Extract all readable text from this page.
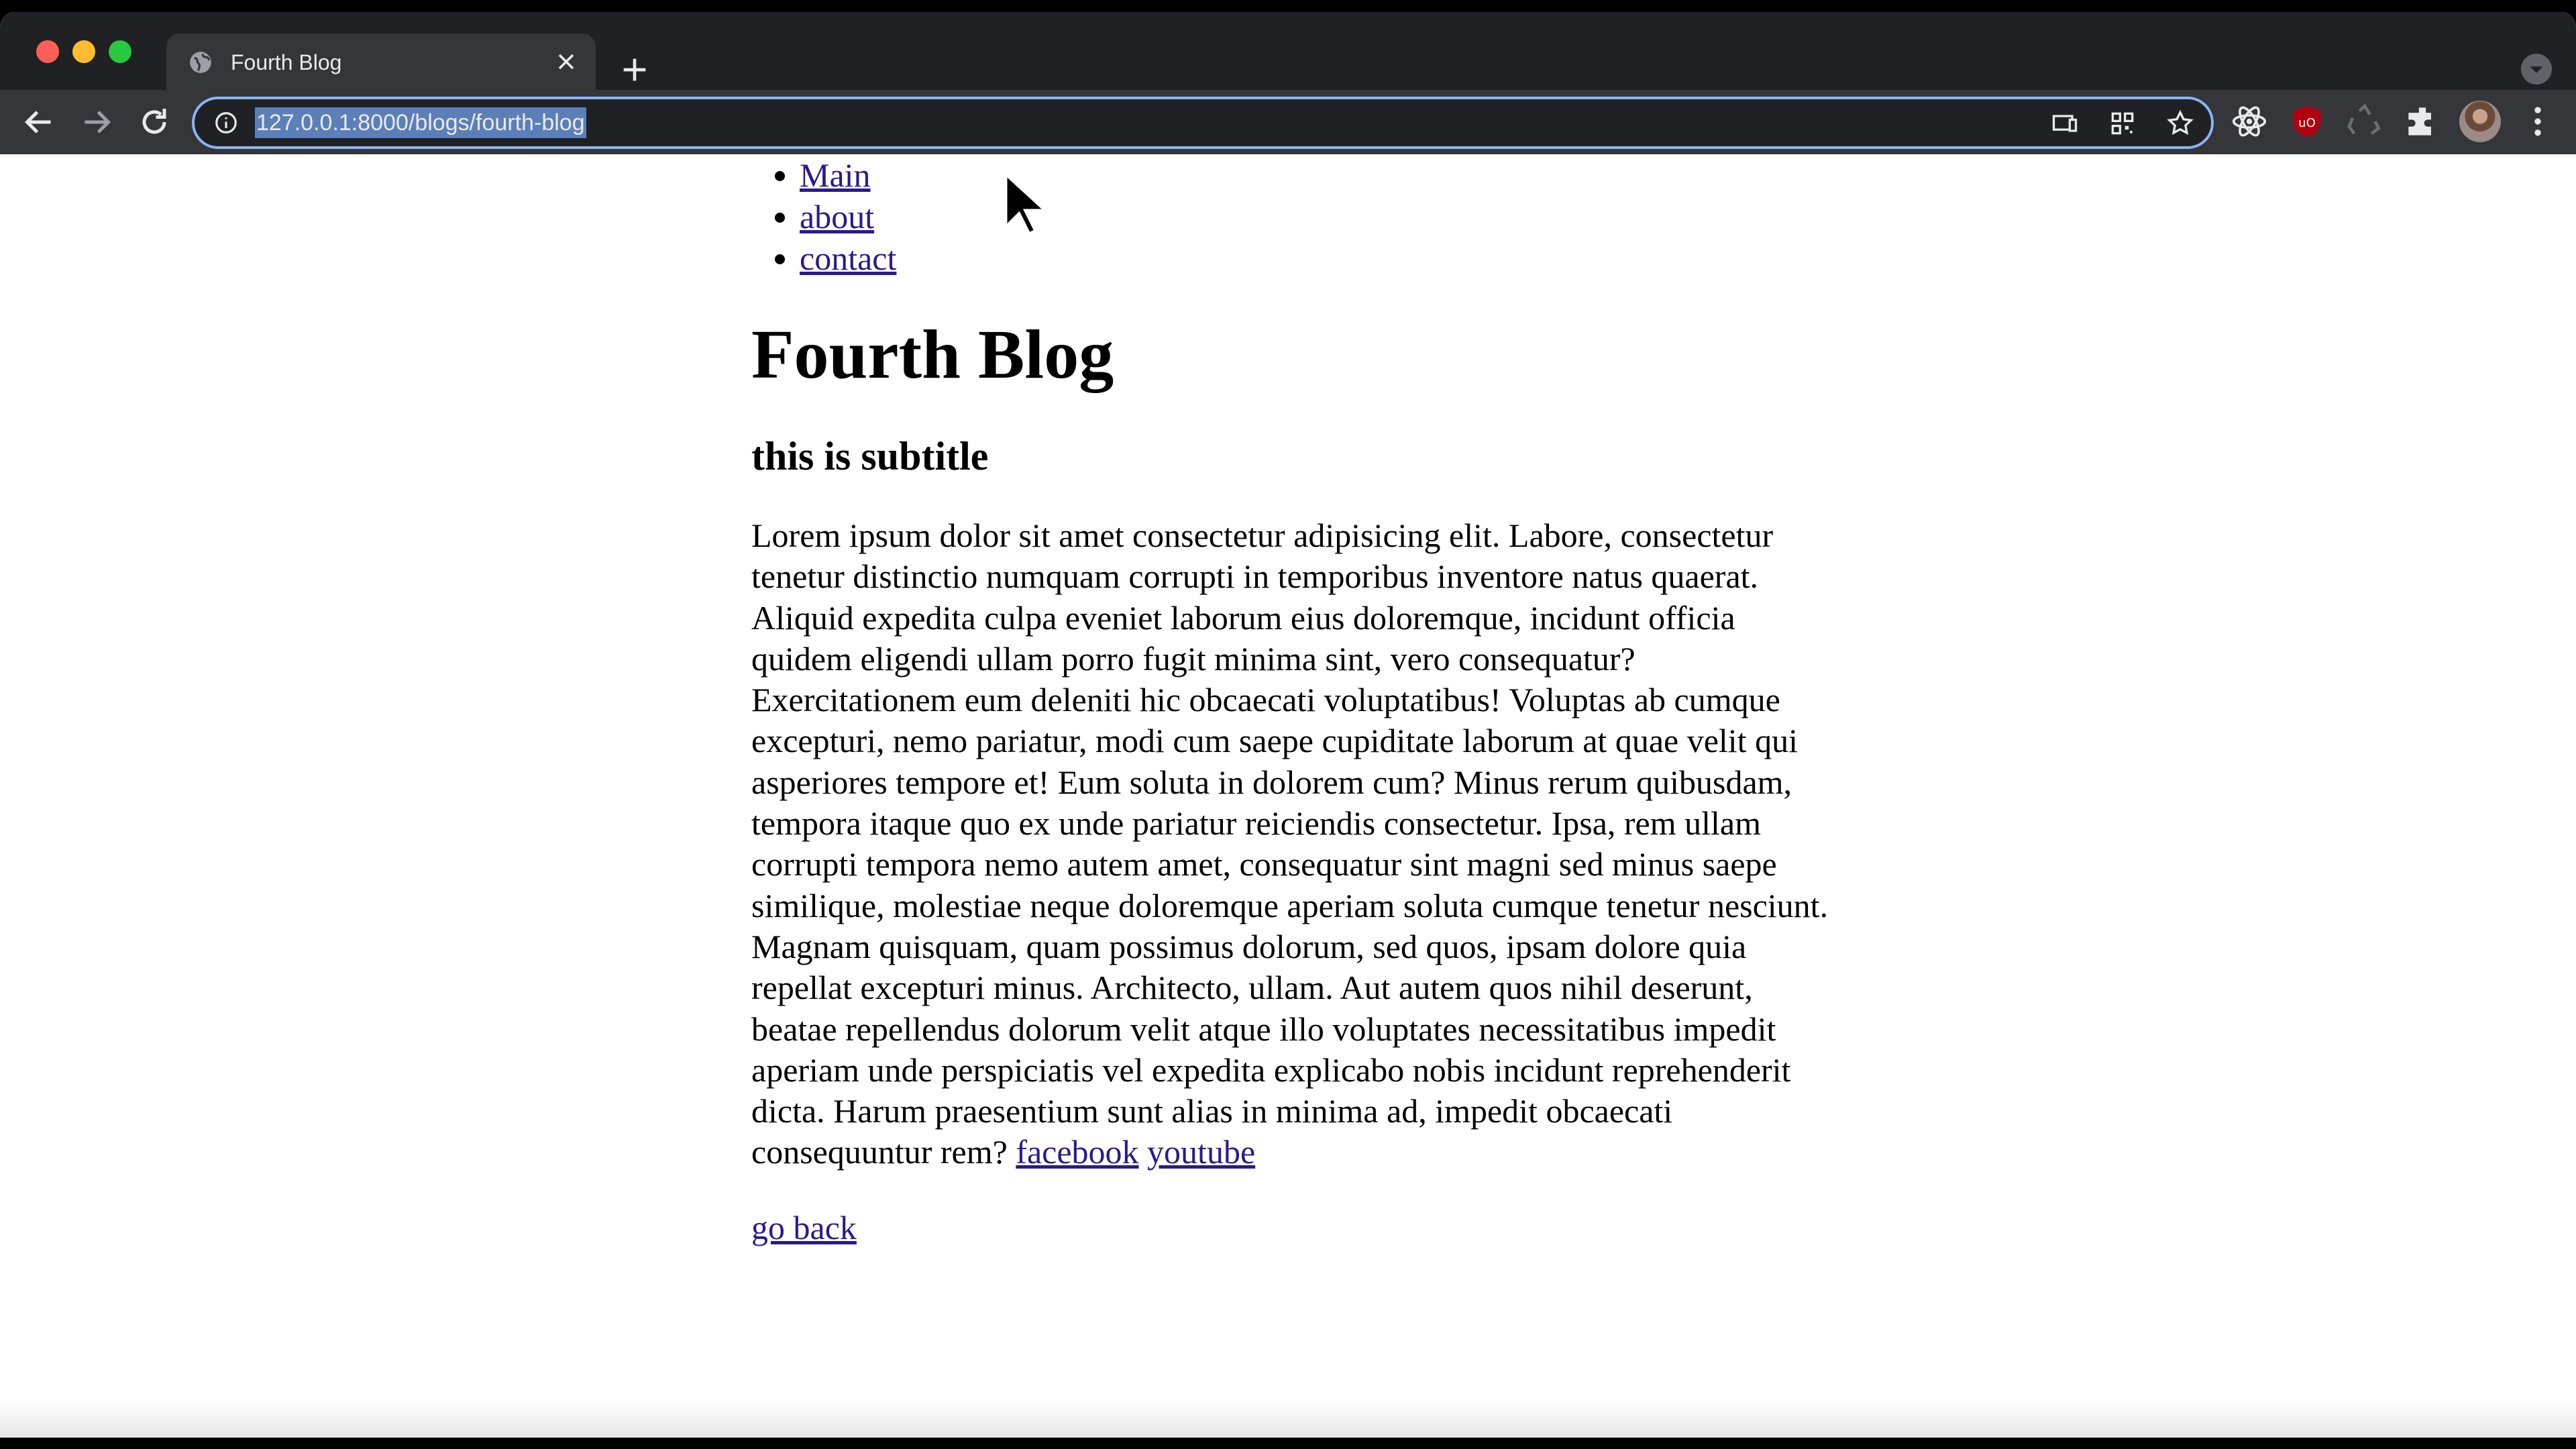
Fourth Blog
127.0.0.1:8000/blogs/fourth-blog	uO
• Main
• about
• contact
Fourth Blog
this is subtitle

Lorem ipsum dolor sit amet consectetur adipisicing elit. Labore, consectetur tenetur distinctio numquam corrupti in temporibus inventore natus quaerat. Aliquid expedita culpa eveniet laborum eius doloremque, incidunt officia quidem eligendi ullam porro fugit minima sint, vero consequatur? Exercitationem eum deleniti hic obcaecati voluptatibus! Voluptas ab cumque excepturi, nemo pariatur, modi cum saepe cupiditate laborum at quae velit qui asperiores tempore et! Eum soluta in dolorem cum? Minus rerum quibusdam, tempora itaque quo ex unde pariatur reiciendis consectetur. Ipsa, rem ullam corrupti tempora nemo autem amet, consequatur sint magni sed minus saepe similique, molestiae neque doloremque aperiam soluta cumque tenetur nesciunt. Magnam quisquam, quam possimus dolorum, sed quos, ipsam dolore quia repellat excepturi minus. Architecto, ullam. Aut autem quos nihil deserunt, beatae repellendus dolorum velit atque illo voluptates necessitatibus impedit aperiam unde perspiciatis vel expedita explicabo nobis incidunt reprehenderit dicta. Harum praesentium sunt alias in minima ad, impedit obcaecati consequuntur rem? facebook youtube

go back
